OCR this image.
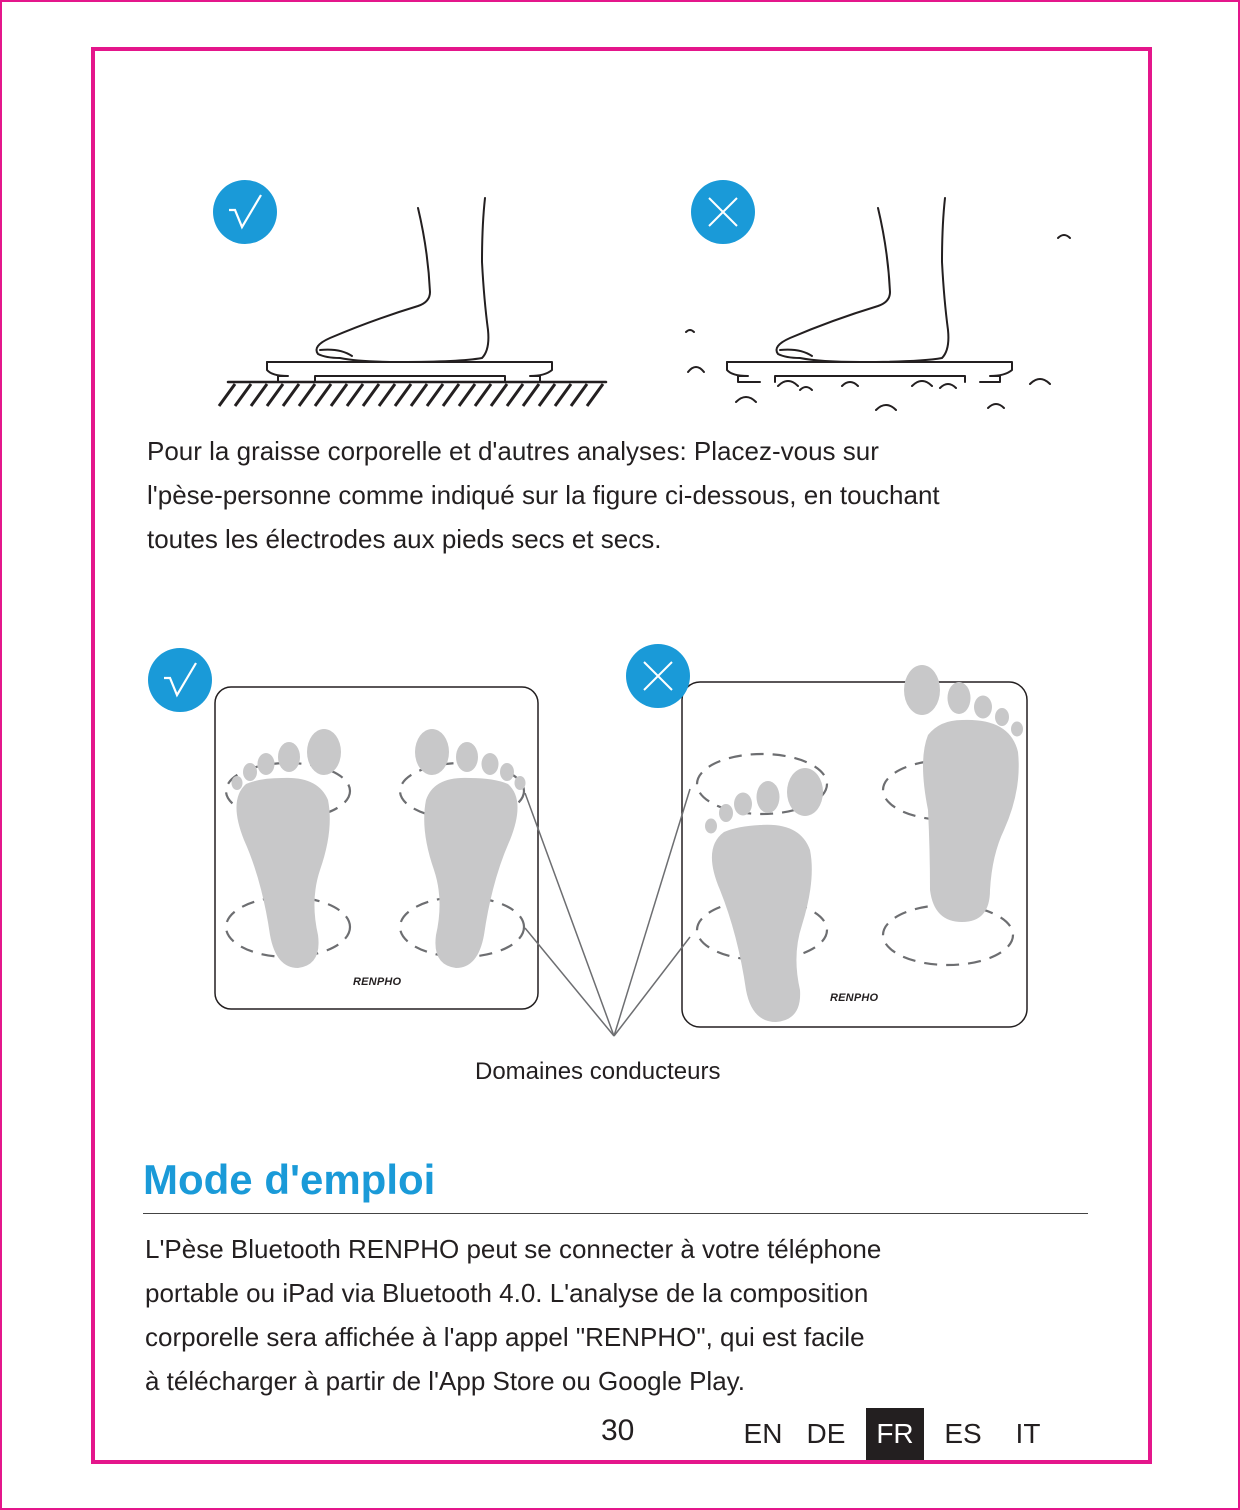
Pour la graisse corporelle et d'autres analyses: Placez-vous sur
l'pèse-personne comme indiqué sur la figure ci-dessous, en touchant
toutes les électrodes aux pieds secs et secs.

RENPHO
RENPHO
Domaines conducteurs
Mode d'emploi

L'Pèse Bluetooth RENPHO peut se connecter à votre téléphone
portable ou iPad via Bluetooth 4.0. L'analyse de la composition
corporelle sera affichée à l'app appel "RENPHO", qui est facile
à télécharger à partir de l'App Store ou Google Play.

30	EN DE	FR	ES	IT
